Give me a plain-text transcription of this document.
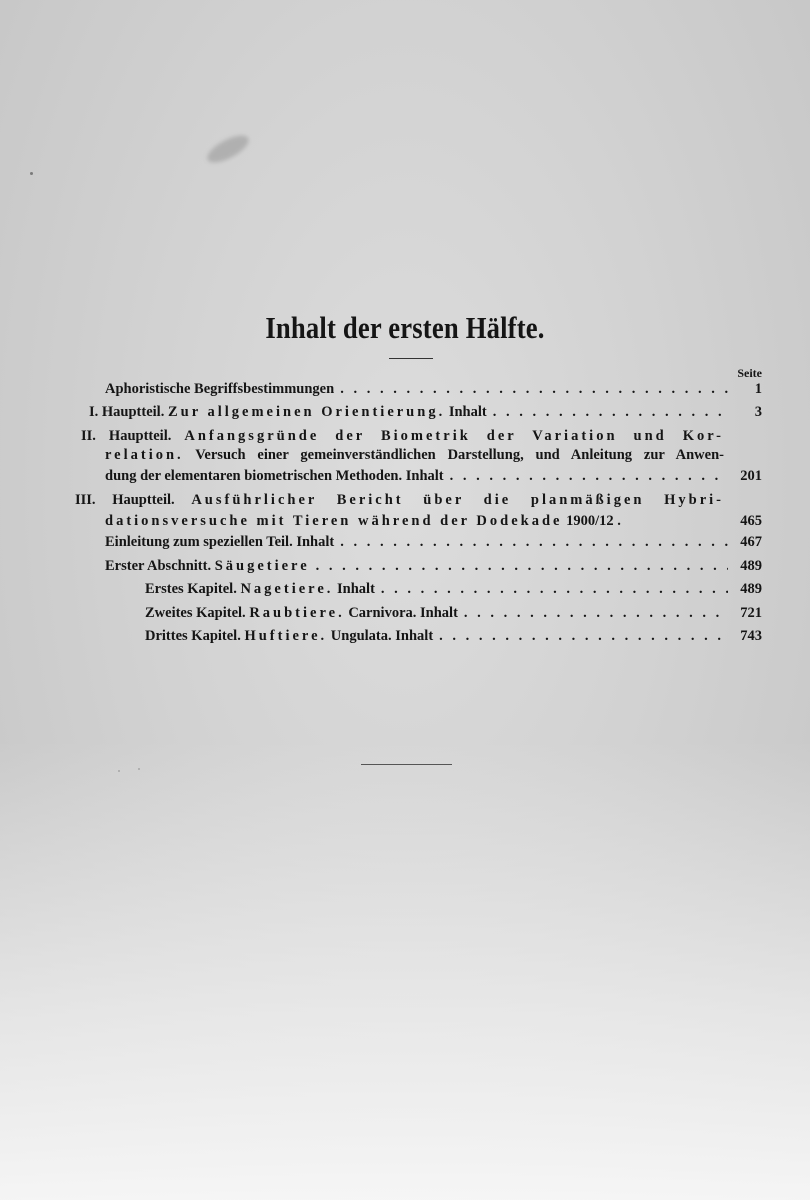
Inhalt der ersten Hälfte.
Seite
Aphoristische Begriffsbestimmungen . . .	1
I. Hauptteil. Zur allgemeinen Orientierung. Inhalt . . .	3
II. Hauptteil. Anfangsgründe der Biometrik der Variation und Kor-
relation. Versuch einer gemeinverständlichen Darstellung, und Anleitung zur Anwen-
dung der elementaren biometrischen Methoden. Inhalt . . .	201
III. Hauptteil. Ausführlicher Bericht über die planmäßigen Hybri-
dationsversuche mit Tieren während der Dodekade 1900/12 .	465
Einleitung zum speziellen Teil. Inhalt . . .	467
Erster Abschnitt. Säugetiere . . .	489
Erstes Kapitel. Nagetiere. Inhalt . . .	489
Zweites Kapitel. Raubtiere. Carnivora. Inhalt . . .	721
Drittes Kapitel. Huftiere. Ungulata. Inhalt . . .	743
